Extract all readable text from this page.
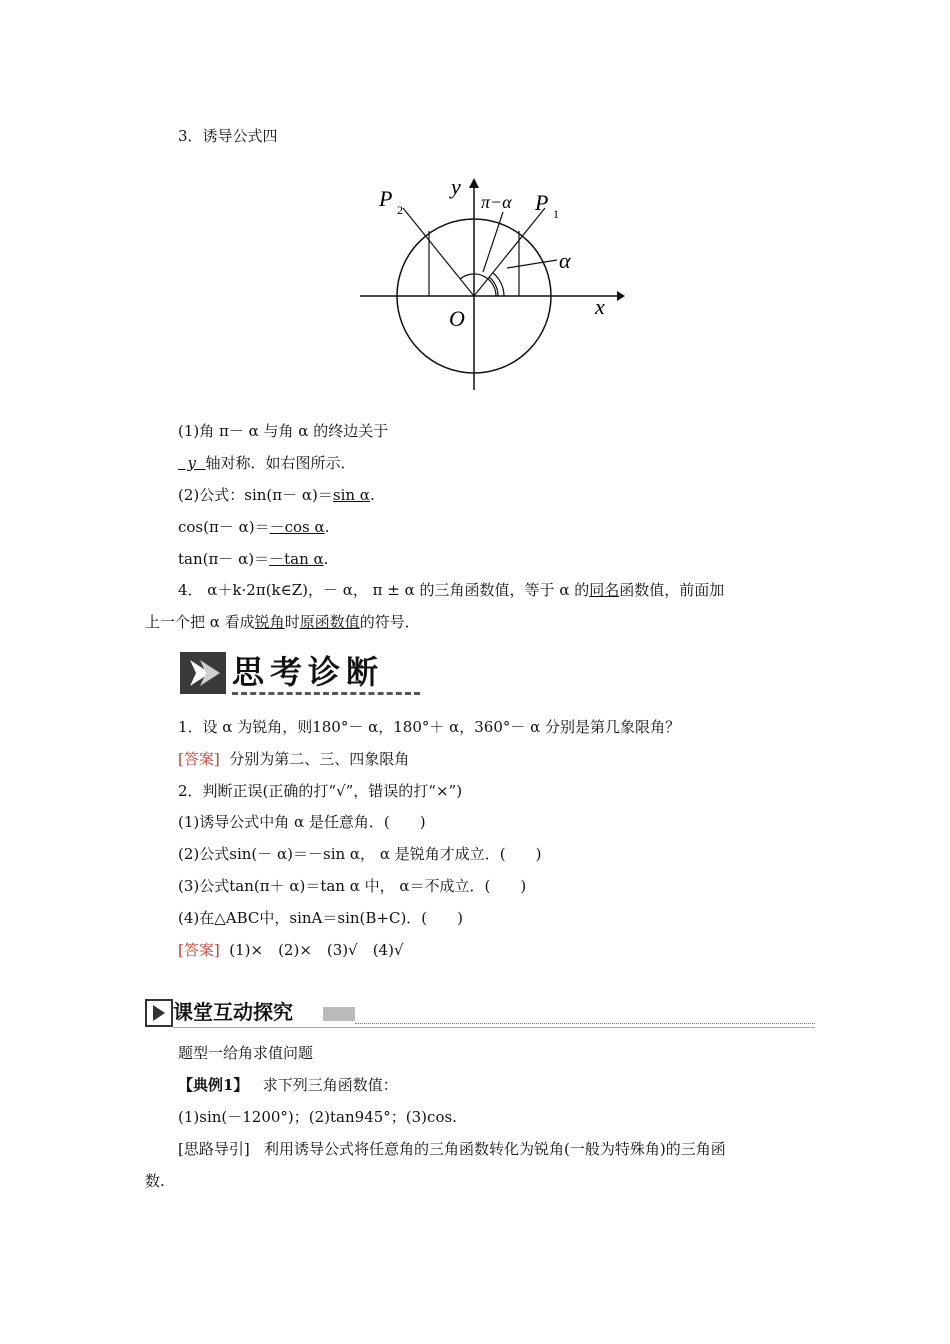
3．诱导公式四
y
x
O
P 2	P 1
π−α
α
(1)角 π－ α 与角 α 的终边关于
y  轴对称．如右图所示．
(2)公式：sin(π－ α)＝sin α.
cos(π－ α)＝－cos α.
tan(π－ α)＝－tan α.
4． α＋k·2π(k∈Z)，－ α， π ± α 的三角函数值，等于 α 的同名函数值，前面加
上一个把 α 看成锐角时原函数值的符号．
思考诊断
1．设 α 为锐角，则180°－ α，180°＋ α，360°－ α 分别是第几象限角？
[答案] 分别为第二、三、四象限角
2．判断正误(正确的打“√”，错误的打“×”)
(1)诱导公式中角 α 是任意角．(　　)
(2)公式sin(－ α)＝－sin α， α 是锐角才成立．(　　)
(3)公式tan(π＋ α)＝tan α 中， α＝不成立．(　　)
(4)在△ABC中，sinA＝sin(B+C)．(　　)
[答案] (1)×　(2)×　(3)√　(4)√
课堂互动探究
题型一给角求值问题
【典例1】 求下列三角函数值：
(1)sin(－1200°)；(2)tan945°；(3)cos.
[思路导引] 利用诱导公式将任意角的三角函数转化为锐角(一般为特殊角)的三角函
数.
